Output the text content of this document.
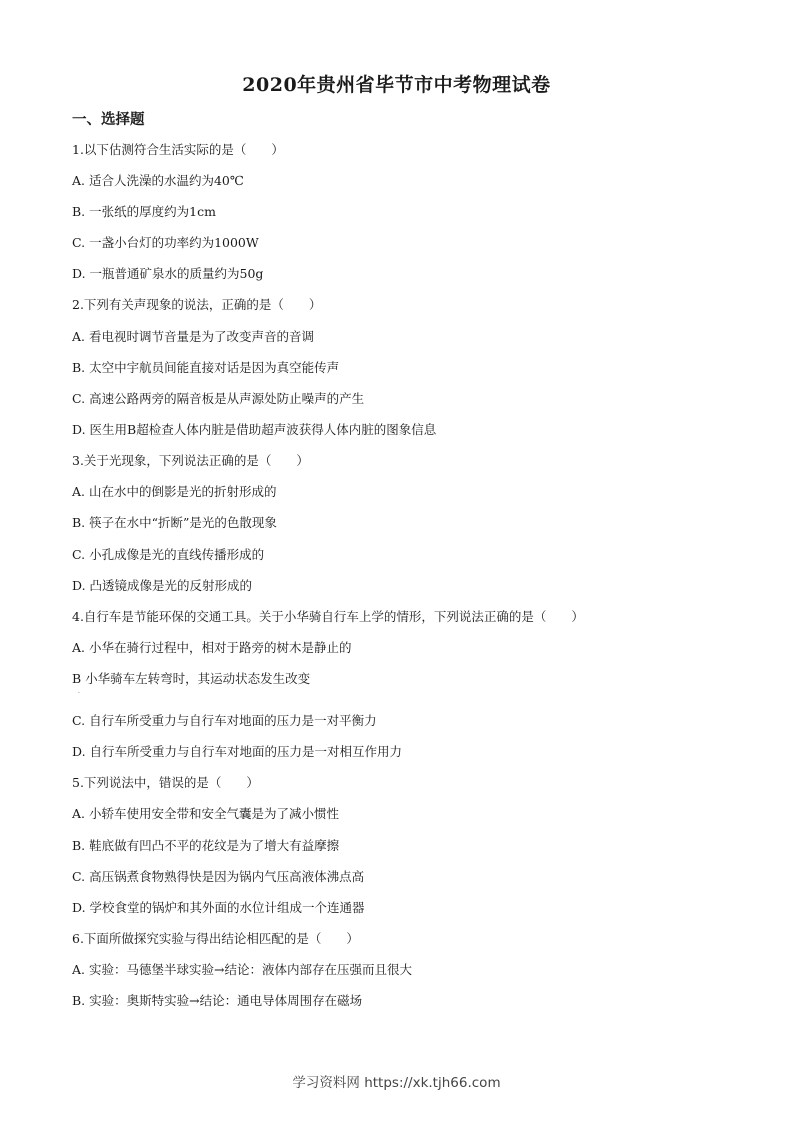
2020年贵州省毕节市中考物理试卷
一、选择题
1.以下估测符合生活实际的是（　　）
A. 适合人洗澡的水温约为40℃
B. 一张纸的厚度约为1cm
C. 一盏小台灯的功率约为1000W
D. 一瓶普通矿泉水的质量约为50g
2.下列有关声现象的说法，正确的是（　　）
A. 看电视时调节音量是为了改变声音的音调
B. 太空中宇航员间能直接对话是因为真空能传声
C. 高速公路两旁的隔音板是从声源处防止噪声的产生
D. 医生用B超检查人体内脏是借助超声波获得人体内脏的图象信息
3.关于光现象，下列说法正确的是（　　）
A. 山在水中的倒影是光的折射形成的
B. 筷子在水中“折断”是光的色散现象
C. 小孔成像是光的直线传播形成的
D. 凸透镜成像是光的反射形成的
4.自行车是节能环保的交通工具。关于小华骑自行车上学的情形，下列说法正确的是（　　）
A. 小华在骑行过程中，相对于路旁的树木是静止的
B 小华骑车左转弯时，其运动状态发生改变
·
C. 自行车所受重力与自行车对地面的压力是一对平衡力
D. 自行车所受重力与自行车对地面的压力是一对相互作用力
5.下列说法中，错误的是（　　）
A. 小轿车使用安全带和安全气囊是为了减小惯性
B. 鞋底做有凹凸不平的花纹是为了增大有益摩擦
C. 高压锅煮食物熟得快是因为锅内气压高液体沸点高
D. 学校食堂的锅炉和其外面的水位计组成一个连通器
6.下面所做探究实验与得出结论相匹配的是（　　）
A. 实验：马德堡半球实验→结论：液体内部存在压强而且很大
B. 实验：奥斯特实验→结论：通电导体周围存在磁场
学习资料网 https://xk.tjh66.com
